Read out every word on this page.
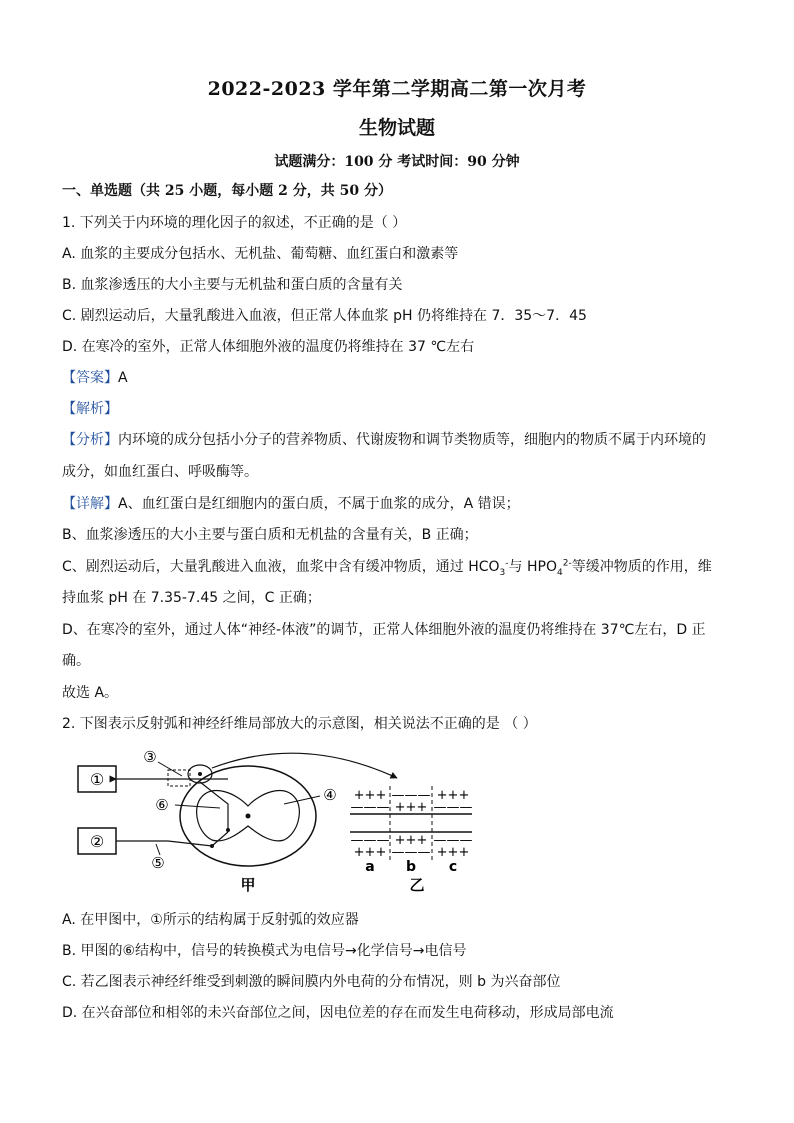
2022-2023 学年第二学期高二第一次月考
生物试题
试题满分：100 分 考试时间：90 分钟
一、单选题（共 25 小题，每小题 2 分，共 50 分）
1. 下列关于内环境的理化因子的叙述，不正确的是（ ）
A. 血浆的主要成分包括水、无机盐、葡萄糖、血红蛋白和激素等
B. 血浆渗透压的大小主要与无机盐和蛋白质的含量有关
C. 剧烈运动后，大量乳酸进入血液，但正常人体血浆 pH 仍将维持在 7．35～7．45
D. 在寒冷的室外，正常人体细胞外液的温度仍将维持在 37 ℃左右
【答案】A
【解析】
【分析】内环境的成分包括小分子的营养物质、代谢废物和调节类物质等，细胞内的物质不属于内环境的
成分，如血红蛋白、呼吸酶等。
【详解】A、血红蛋白是红细胞内的蛋白质，不属于血浆的成分，A 错误；
B、血浆渗透压的大小主要与蛋白质和无机盐的含量有关，B 正确；
C、剧烈运动后，大量乳酸进入血液，血浆中含有缓冲物质，通过 $HCO_3^-$与 $HPO_4^{2-}$等缓冲物质的作用，维
持血浆 pH 在 7.35-7.45 之间，C 正确；
D、在寒冷的室外，通过人体“神经-体液”的调节，正常人体细胞外液的温度仍将维持在 37℃左右，D 正
确。
故选 A。
2. 下图表示反射弧和神经纤维局部放大的示意图，相关说法不正确的是 （ ）
①
②
③
⑤
⑥
④
甲
+++ ——— +++
——— +++ ———
——— +++ ———
+++ ——— +++
a b c
乙
A. 在甲图中，①所示的结构属于反射弧的效应器
B. 甲图的⑥结构中，信号的转换模式为电信号→化学信号→电信号
C. 若乙图表示神经纤维受到刺激的瞬间膜内外电荷的分布情况，则 b 为兴奋部位
D. 在兴奋部位和相邻的未兴奋部位之间，因电位差的存在而发生电荷移动，形成局部电流
